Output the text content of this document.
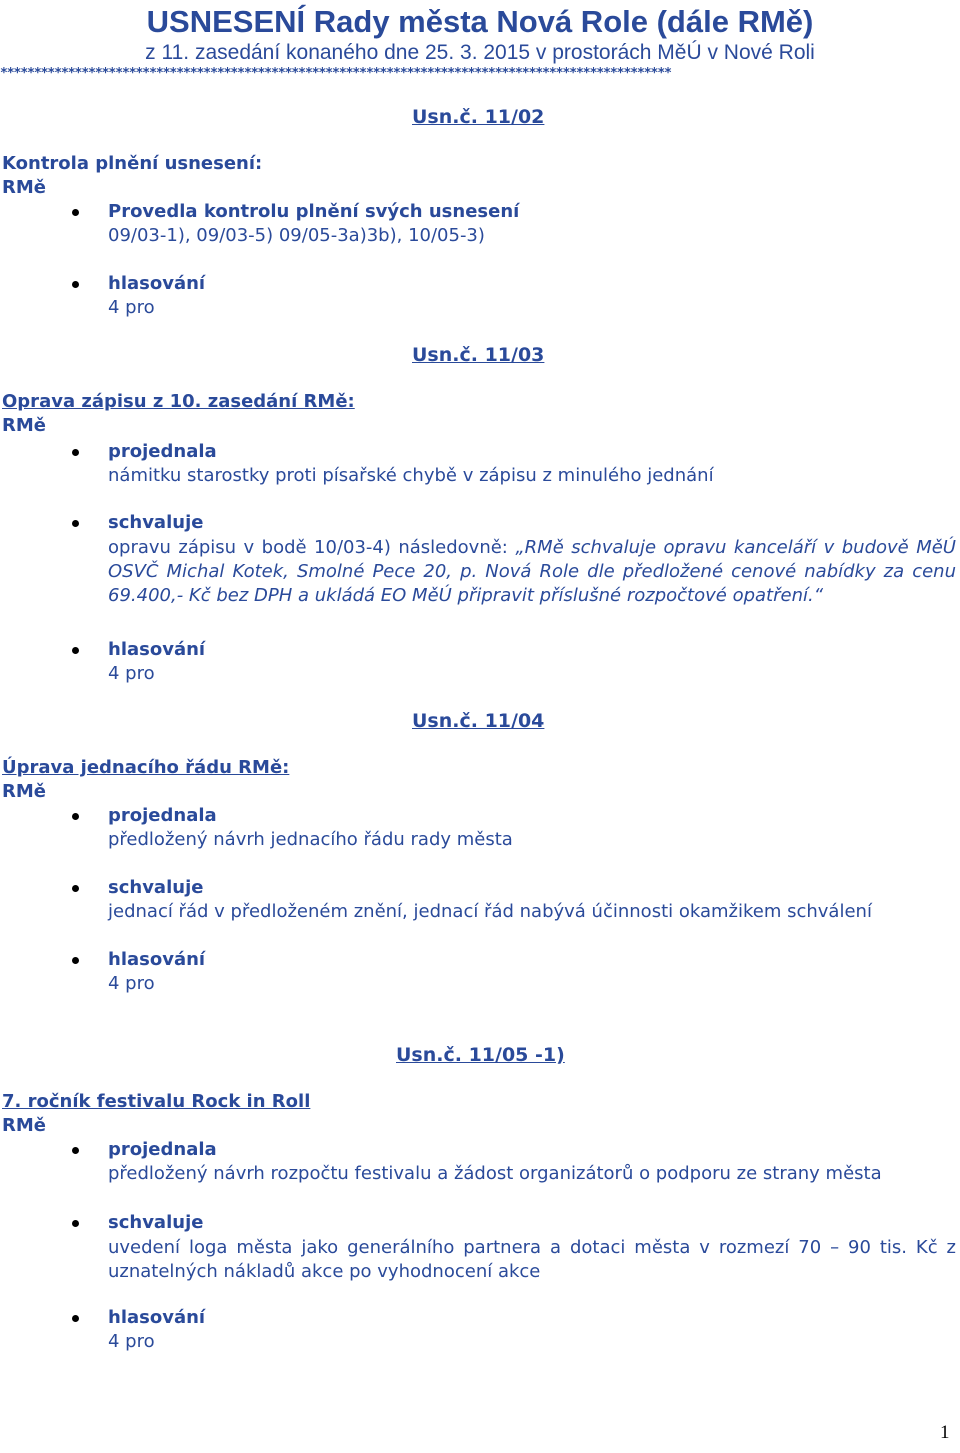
USNESENÍ Rady města Nová Role (dále RMě)
z 11. zasedání konaného dne 25. 3. 2015 v prostorách MěÚ v Nové Roli
***************************************************************************************************
Usn.č. 11/02
Kontrola plnění usnesení:
RMě
Provedla kontrolu plnění svých usnesení
09/03-1), 09/03-5) 09/05-3a)3b), 10/05-3)
hlasování
4 pro
Usn.č. 11/03
Oprava zápisu z 10. zasedání RMě:
RMě
projednala
námitku starostky proti písařské chybě v zápisu z minulého jednání
schvaluje
opravu zápisu v bodě 10/03-4) následovně: „RMě schvaluje opravu kanceláří v budově MěÚ OSVČ Michal Kotek, Smolné Pece 20, p. Nová Role dle předložené cenové nabídky za cenu 69.400,- Kč bez DPH a ukládá EO MěÚ připravit příslušné rozpočtové opatření.“
hlasování
4 pro
Usn.č. 11/04
Úprava jednacího řádu RMě:
RMě
projednala
předložený návrh jednacího řádu rady města
schvaluje
jednací řád v předloženém znění, jednací řád nabývá účinnosti okamžikem schválení
hlasování
4 pro
Usn.č. 11/05 -1)
7. ročník festivalu Rock in Roll
RMě
projednala
předložený návrh rozpočtu festivalu a žádost organizátorů o podporu ze strany města
schvaluje
uvedení loga města jako generálního partnera a dotaci města v rozmezí 70 – 90 tis. Kč z uznatelných nákladů akce po vyhodnocení akce
hlasování
4 pro
1
